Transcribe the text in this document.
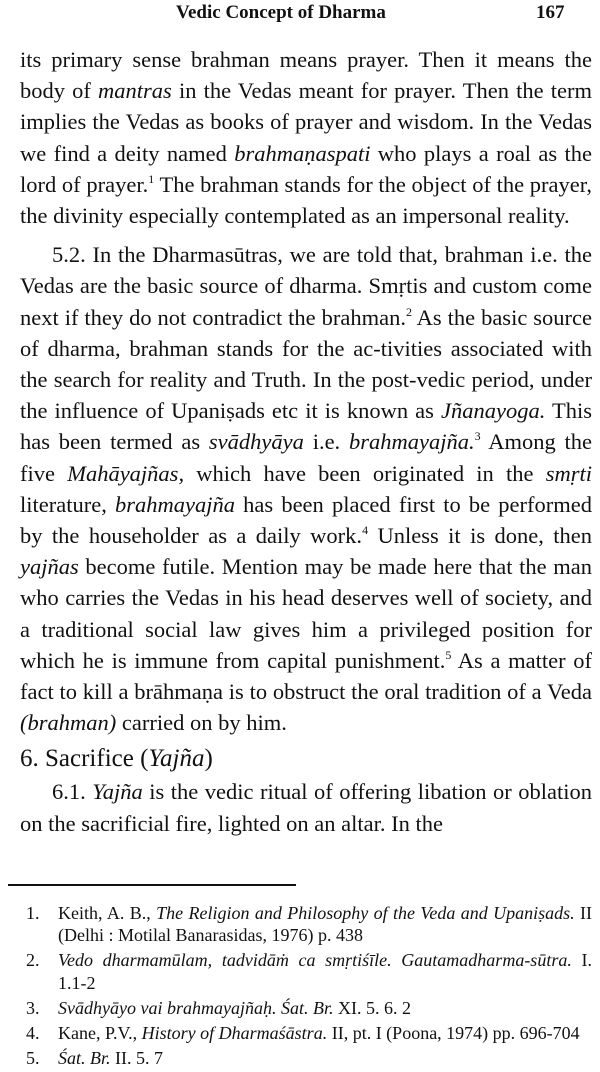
Vedic Concept of Dharma	167

its primary sense brahman means prayer. Then it means the body of mantras in the Vedas meant for prayer. Then the term implies the Vedas as books of prayer and wisdom. In the Vedas we find a deity named brahmaṇaspati who plays a roal as the lord of prayer.$^1$ The brahman stands for the object of the prayer, the divinity especially contemplated as an impersonal reality.

5.2. In the Dharmasūtras, we are told that, brahman i.e. the Vedas are the basic source of dharma. Smṛtis and custom come next if they do not contradict the brahman.$^2$ As the basic source of dharma, brahman stands for the ac-tivities associated with the search for reality and Truth. In the post-vedic period, under the influence of Upaniṣads etc it is known as Jñanayoga. This has been termed as svādhyāya i.e. brahmayajña.$^3$ Among the five Mahāyajñas, which have been originated in the smṛti literature, brahmayajña has been placed first to be performed by the householder as a daily work.$^4$ Unless it is done, then yajñas become futile. Mention may be made here that the man who carries the Vedas in his head deserves well of society, and a traditional social law gives him a privileged position for which he is immune from capital punishment.$^5$ As a matter of fact to kill a brāhmaṇa is to obstruct the oral tradition of a Veda (brahman) carried on by him.

6. Sacrifice (Yajña)

6.1. Yajña is the vedic ritual of offering libation or oblation on the sacrificial fire, lighted on an altar. In the

1. Keith, A. B., The Religion and Philosophy of the Veda and Upaniṣads. II (Delhi : Motilal Banarasidas, 1976) p. 438
2. Vedo dharmamūlam, tadvidāṁ ca smṛtiśīle. Gautamadharma-sūtra. I. 1.1-2
3. Svādhyāyo vai brahmayajñaḥ. Śat. Br. XI. 5. 6. 2
4. Kane, P.V., History of Dharmaśāstra. II, pt. I (Poona, 1974) pp. 696-704
5. Śat. Br. II. 5. 7
